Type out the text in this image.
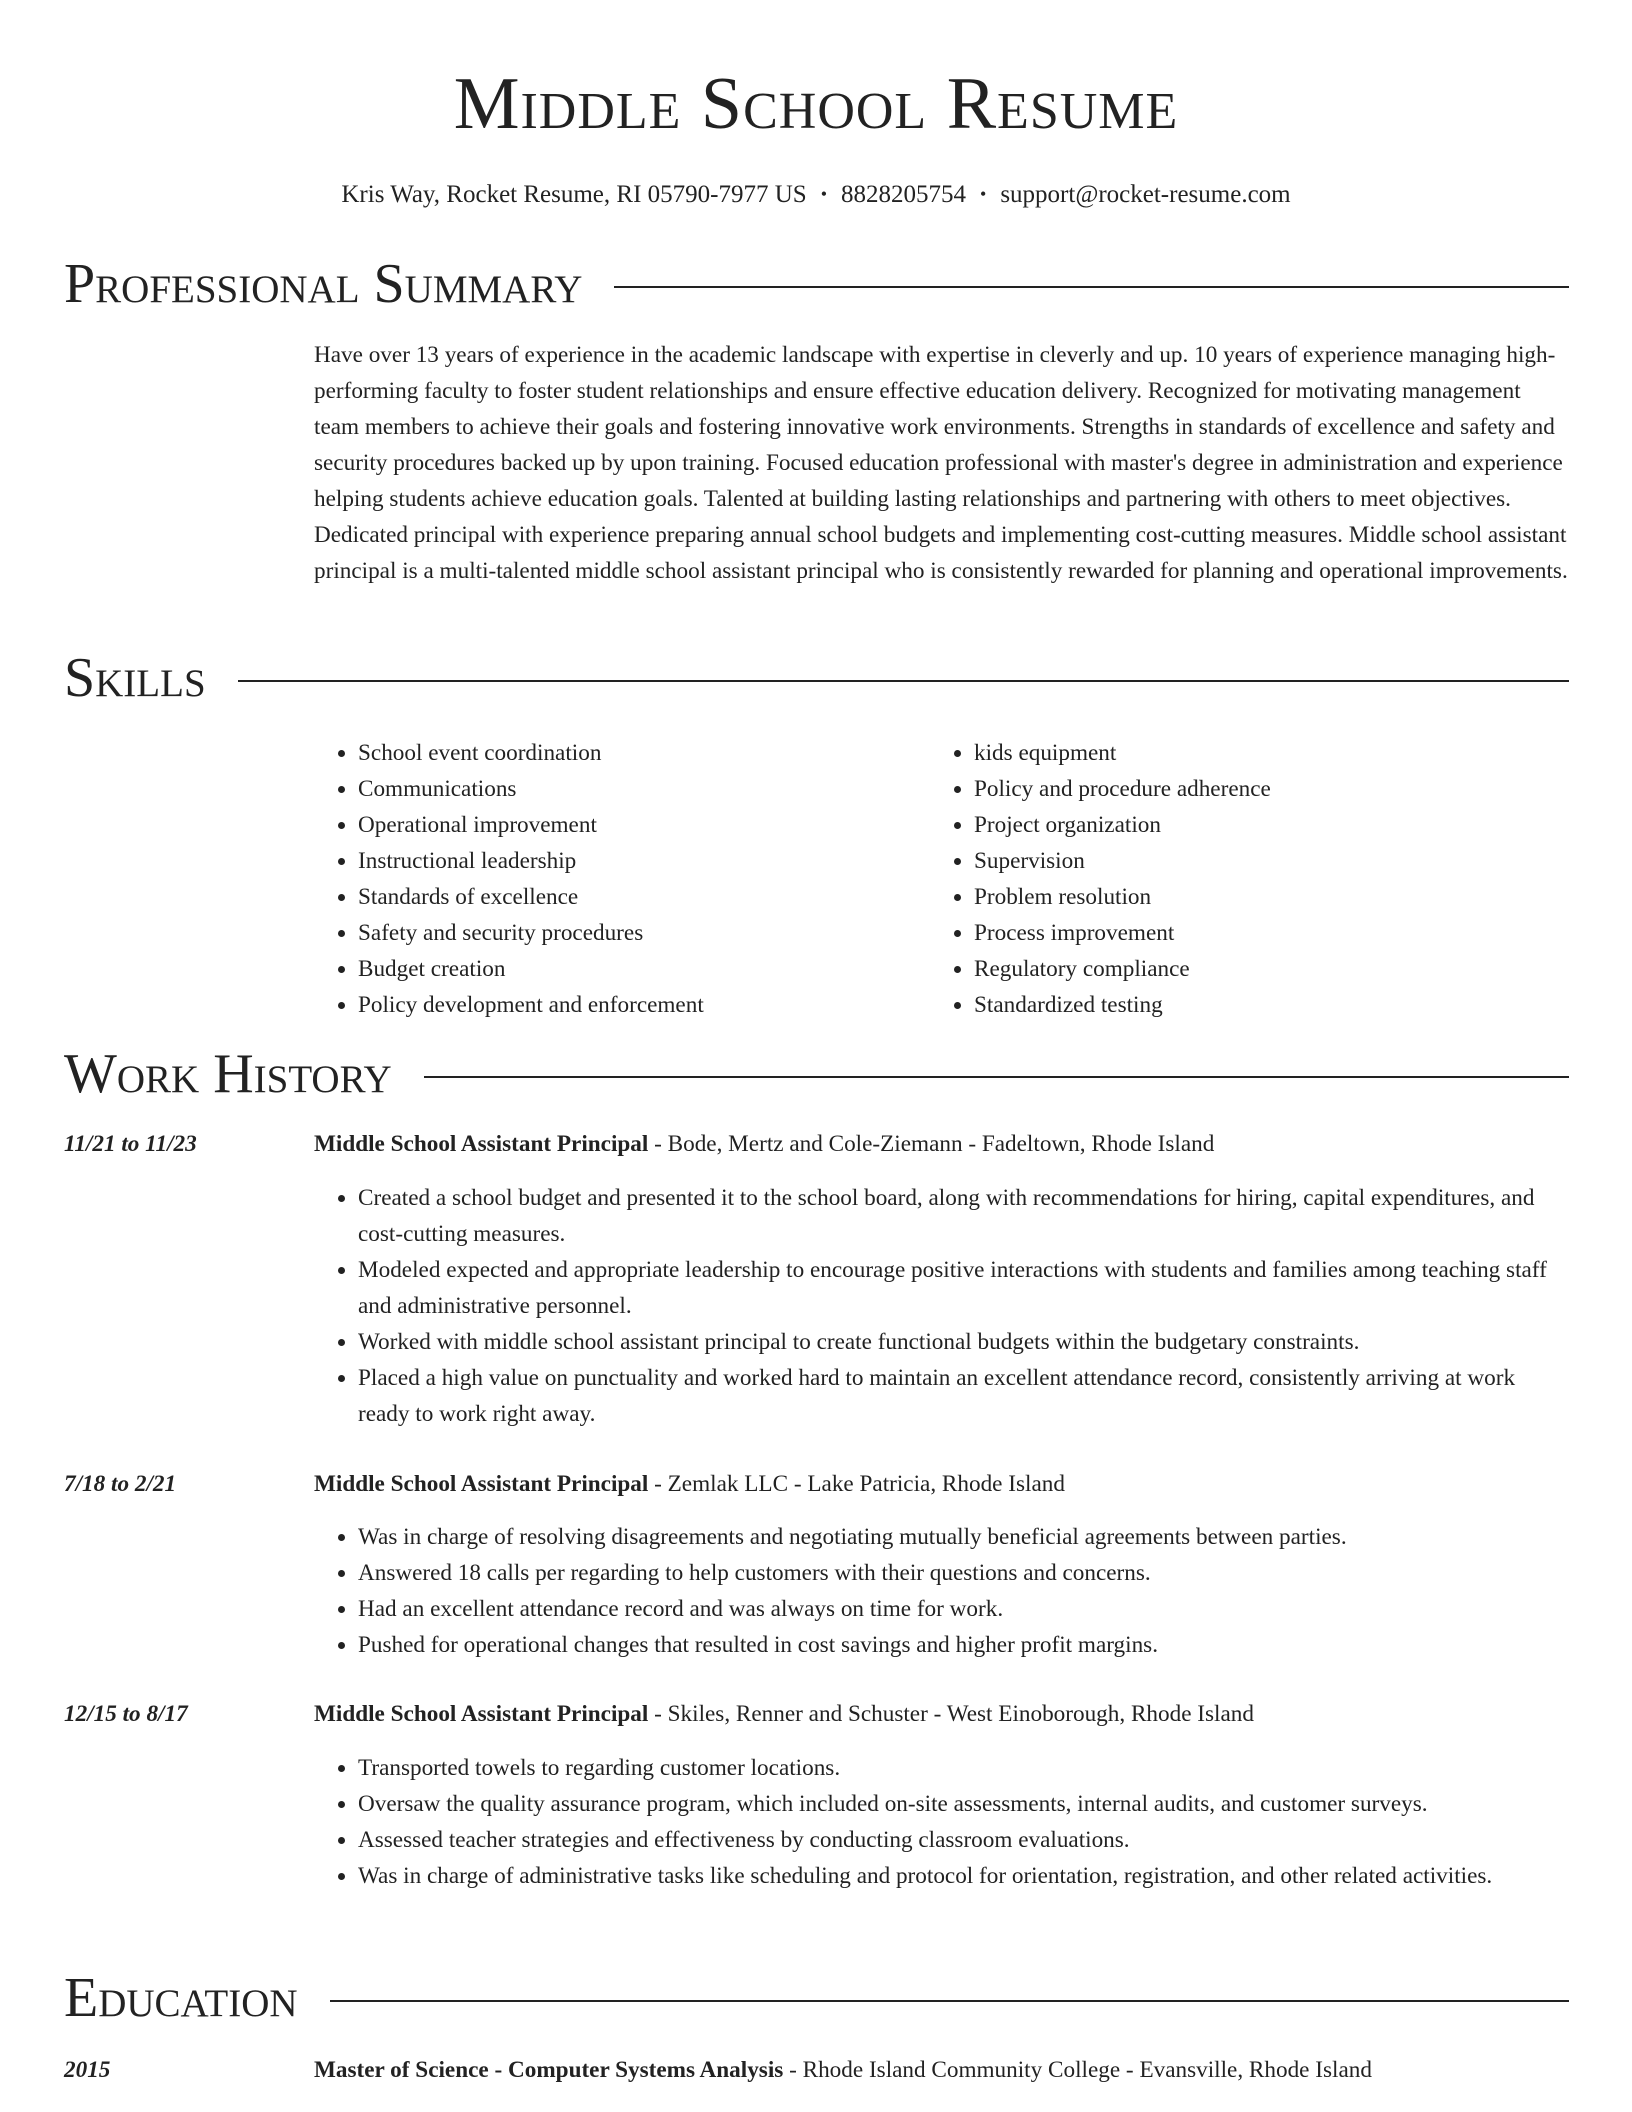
Middle School Resume
Kris Way, Rocket Resume, RI 05790-7977 US • 8828205754 • support@rocket-resume.com
Professional Summary

Have over 13 years of experience in the academic landscape with expertise in cleverly and up. 10 years of experience managing high-performing faculty to foster student relationships and ensure effective education delivery. Recognized for motivating management team members to achieve their goals and fostering innovative work environments. Strengths in standards of excellence and safety and security procedures backed up by upon training. Focused education professional with master's degree in administration and experience helping students achieve education goals. Talented at building lasting relationships and partnering with others to meet objectives. Dedicated principal with experience preparing annual school budgets and implementing cost-cutting measures. Middle school assistant principal is a multi-talented middle school assistant principal who is consistently rewarded for planning and operational improvements.

Skills
• School event coordination
• Communications
• Operational improvement
• Instructional leadership
• Standards of excellence
• Safety and security procedures
• Budget creation
• Policy development and enforcement
• kids equipment
• Policy and procedure adherence
• Project organization
• Supervision
• Problem resolution
• Process improvement
• Regulatory compliance
• Standardized testing
Work History
11/21 to 11/23	Middle School Assistant Principal - Bode, Mertz and Cole-Ziemann - Fadeltown, Rhode Island
• Created a school budget and presented it to the school board, along with recommendations for hiring, capital expenditures, and cost-cutting measures.
• Modeled expected and appropriate leadership to encourage positive interactions with students and families among teaching staff and administrative personnel.
• Worked with middle school assistant principal to create functional budgets within the budgetary constraints.
• Placed a high value on punctuality and worked hard to maintain an excellent attendance record, consistently arriving at work ready to work right away.
7/18 to 2/21	Middle School Assistant Principal - Zemlak LLC - Lake Patricia, Rhode Island
• Was in charge of resolving disagreements and negotiating mutually beneficial agreements between parties.
• Answered 18 calls per regarding to help customers with their questions and concerns.
• Had an excellent attendance record and was always on time for work.
• Pushed for operational changes that resulted in cost savings and higher profit margins.
12/15 to 8/17	Middle School Assistant Principal - Skiles, Renner and Schuster - West Einoborough, Rhode Island
• Transported towels to regarding customer locations.
• Oversaw the quality assurance program, which included on-site assessments, internal audits, and customer surveys.
• Assessed teacher strategies and effectiveness by conducting classroom evaluations.
• Was in charge of administrative tasks like scheduling and protocol for orientation, registration, and other related activities.
Education
2015	Master of Science - Computer Systems Analysis - Rhode Island Community College - Evansville, Rhode Island
